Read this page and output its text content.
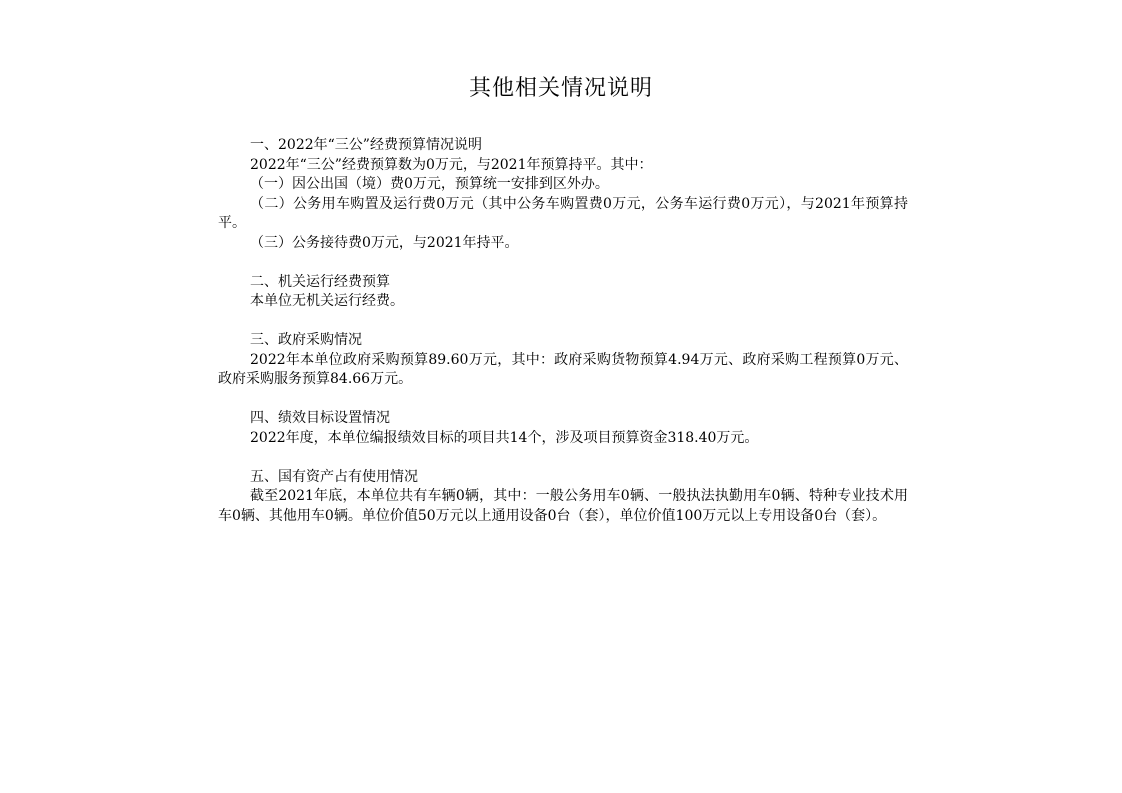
其他相关情况说明

一、2022年“三公”经费预算情况说明

2022年“三公”经费预算数为0万元，与2021年预算持平。其中：

（一）因公出国（境）费0万元，预算统一安排到区外办。

（二）公务用车购置及运行费0万元（其中公务车购置费0万元，公务车运行费0万元），与2021年预算持平。

（三）公务接待费0万元，与2021年持平。

二、机关运行经费预算

本单位无机关运行经费。

三、政府采购情况

2022年本单位政府采购预算89.60万元，其中：政府采购货物预算4.94万元、政府采购工程预算0万元、政府采购服务预算84.66万元。

四、绩效目标设置情况

2022年度，本单位编报绩效目标的项目共14个，涉及项目预算资金318.40万元。

五、国有资产占有使用情况

截至2021年底，本单位共有车辆0辆，其中：一般公务用车0辆、一般执法执勤用车0辆、特种专业技术用车0辆、其他用车0辆。单位价值50万元以上通用设备0台（套），单位价值100万元以上专用设备0台（套）。
